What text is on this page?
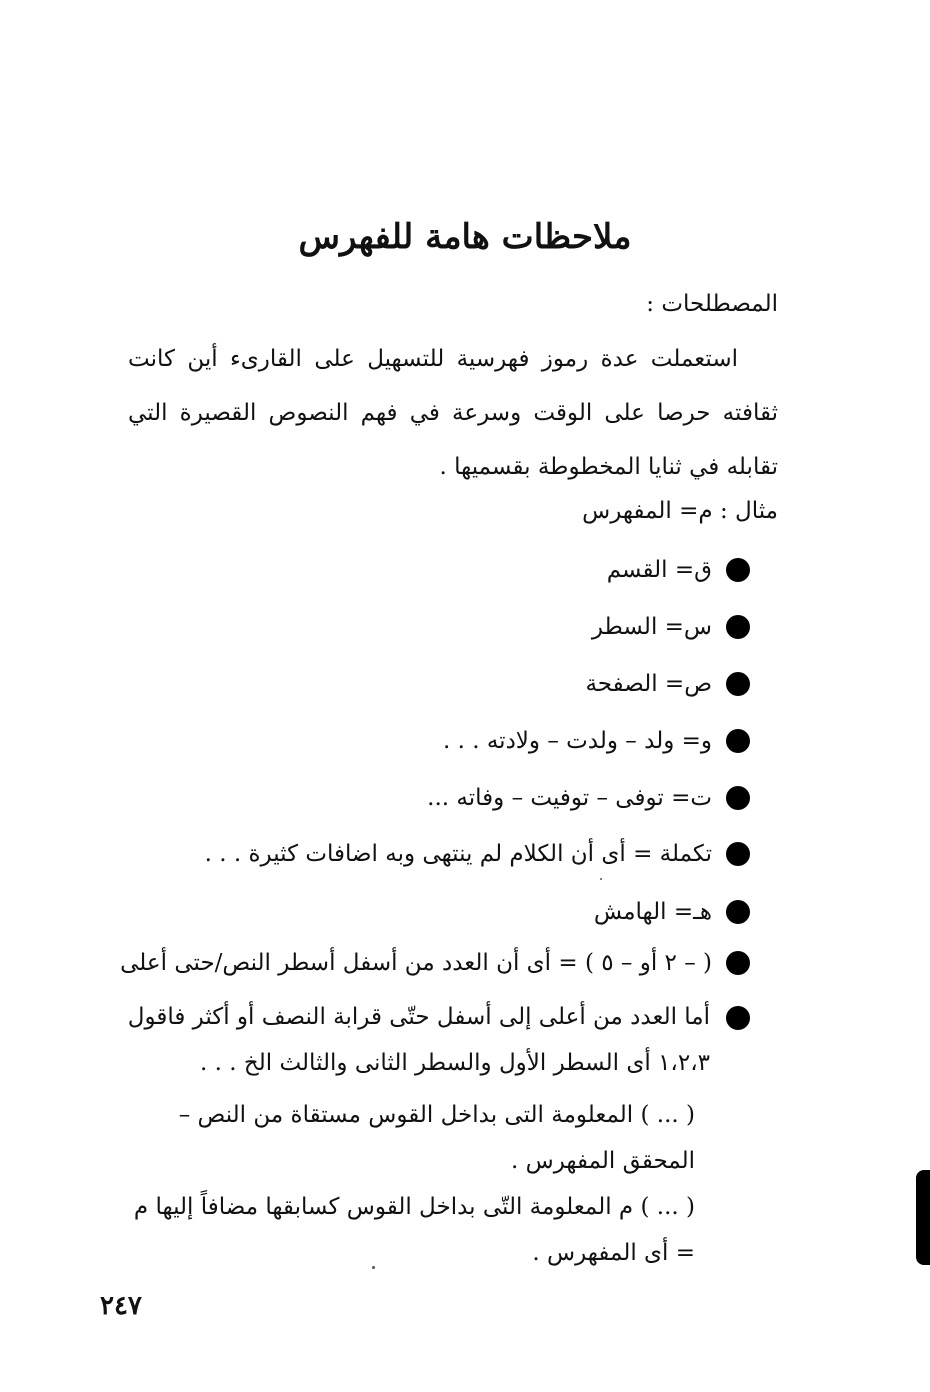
ملاحظات هامة للفهرس
المصطلحات :
استعملت عدة رموز فهرسية للتسهيل على القارىء أين كانت ثقافته حرصا على الوقت وسرعة في فهم النصوص القصيرة التي تقابله في ثنايا المخطوطة بقسميها .
مثال : م= المفهرس
ق= القسم
س= السطر
ص= الصفحة
و= ولد – ولدت – ولادته . . .
ت= توفى – توفيت – وفاته ...
تكملة = أى أن الكلام لم ينتهى وبه اضافات كثيرة . . .
هـ= الهامش
( – ٢ أو – ٥ ) = أى أن العدد من أسفل أسطر النص/حتى أعلى
أما العدد من أعلى إلى أسفل حتّى قرابة النصف أو أكثر فاقول ١،٢،٣ أى السطر الأول والسطر الثانى والثالث الخ . . .
( ... ) المعلومة التى بداخل القوس مستقاة من النص – المحقق المفهرس .
( ... ) م المعلومة التّى بداخل القوس كسابقها مضافاً إليها م = أى المفهرس .
٢٤٧
